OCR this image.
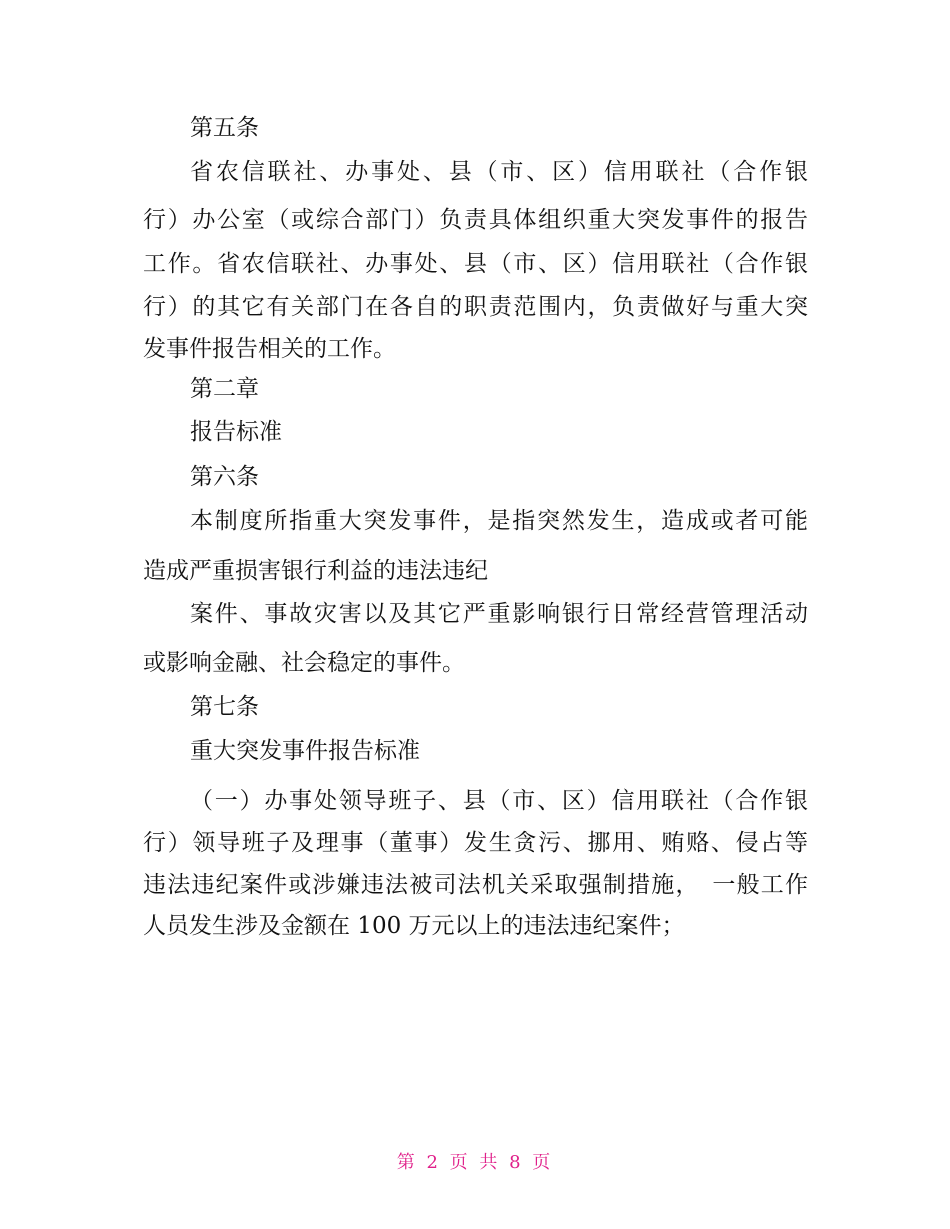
第五条
省农信联社、办事处、县（市、区）信用联社（合作银
行）办公室（或综合部门）负责具体组织重大突发事件的报告
工作。省农信联社、办事处、县（市、区）信用联社（合作银
行）的其它有关部门在各自的职责范围内，负责做好与重大突
发事件报告相关的工作。
第二章
报告标准
第六条
本制度所指重大突发事件，是指突然发生，造成或者可能
造成严重损害银行利益的违法违纪
案件、事故灾害以及其它严重影响银行日常经营管理活动
或影响金融、社会稳定的事件。
第七条
重大突发事件报告标准
（一）办事处领导班子、县（市、区）信用联社（合作银
行）领导班子及理事（董事）发生贪污、挪用、贿赂、侵占等
违法违纪案件或涉嫌违法被司法机关采取强制措施，　一般工作
人员发生涉及金额在 100 万元以上的违法违纪案件；
第 2 页 共 8 页
